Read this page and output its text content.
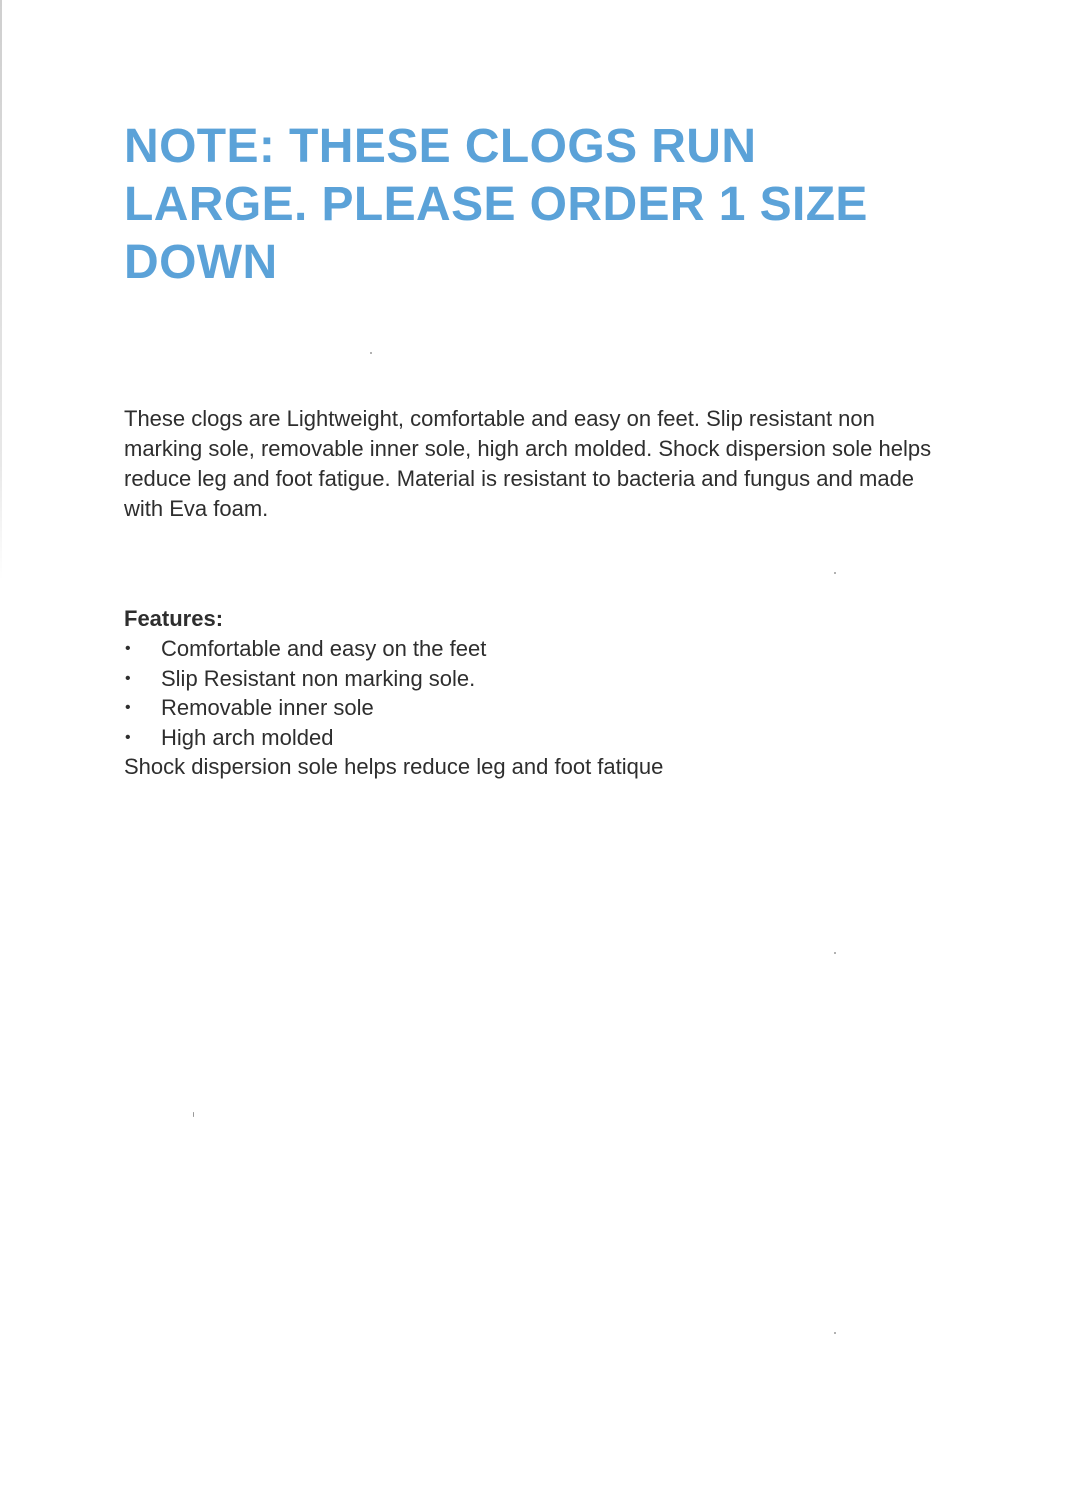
NOTE: THESE CLOGS RUN LARGE. PLEASE ORDER 1 SIZE DOWN

These clogs are Lightweight, comfortable and easy on feet. Slip resistant non marking sole, removable inner sole, high arch molded. Shock dispersion sole helps reduce leg and foot fatigue. Material is resistant to bacteria and fungus and made with Eva foam.

Features:
• Comfortable and easy on the feet
• Slip Resistant non marking sole.
• Removable inner sole
• High arch molded

Shock dispersion sole helps reduce leg and foot fatique
